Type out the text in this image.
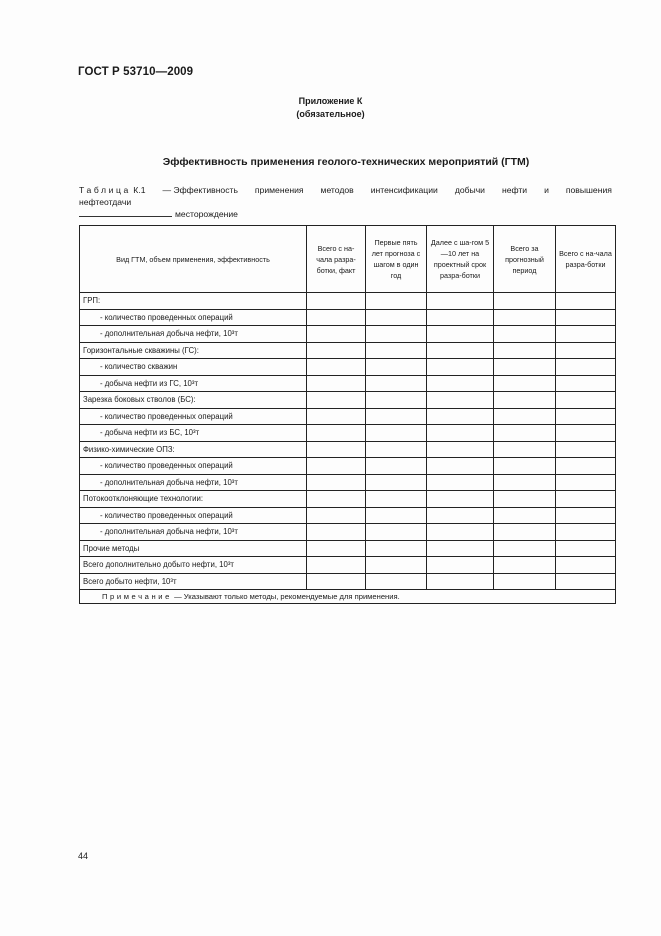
ГОСТ Р 53710—2009
Приложение К
(обязательное)
Эффективность применения геолого-технических мероприятий (ГТМ)
Таблица К.1 — Эффективность применения методов интенсификации добычи нефти и повышения
нефтеотдачи
месторождение
Вид ГТМ, объем применения, эффективность	Всего с на-чала разра-ботки, факт	Первые пять лет прогноза с шагом в один год	Далее с ша-гом 5—10 лет на проектный срок разра-ботки	Всего за прогнозный период	Всего с на-чала разра-ботки
ГРП:					
- количество проведенных операций					
- дополнительная добыча нефти, 10³т					
Горизонтальные скважины (ГС):					
- количество скважин					
- добыча нефти из ГС, 10³т					
Зарезка боковых стволов (БС):					
- количество проведенных операций					
- добыча нефти из БС, 10³т					
Физико-химические ОПЗ:					
- количество проведенных операций					
- дополнительная добыча нефти, 10³т					
Потокоотклоняющие технологии:					
- количество проведенных операций					
- дополнительная добыча нефти, 10³т					
Прочие методы					
Всего дополнительно добыто нефти, 10³т					
Всего добыто нефти, 10³т					
Примечание — Указывают только методы, рекомендуемые для применения.					
44
